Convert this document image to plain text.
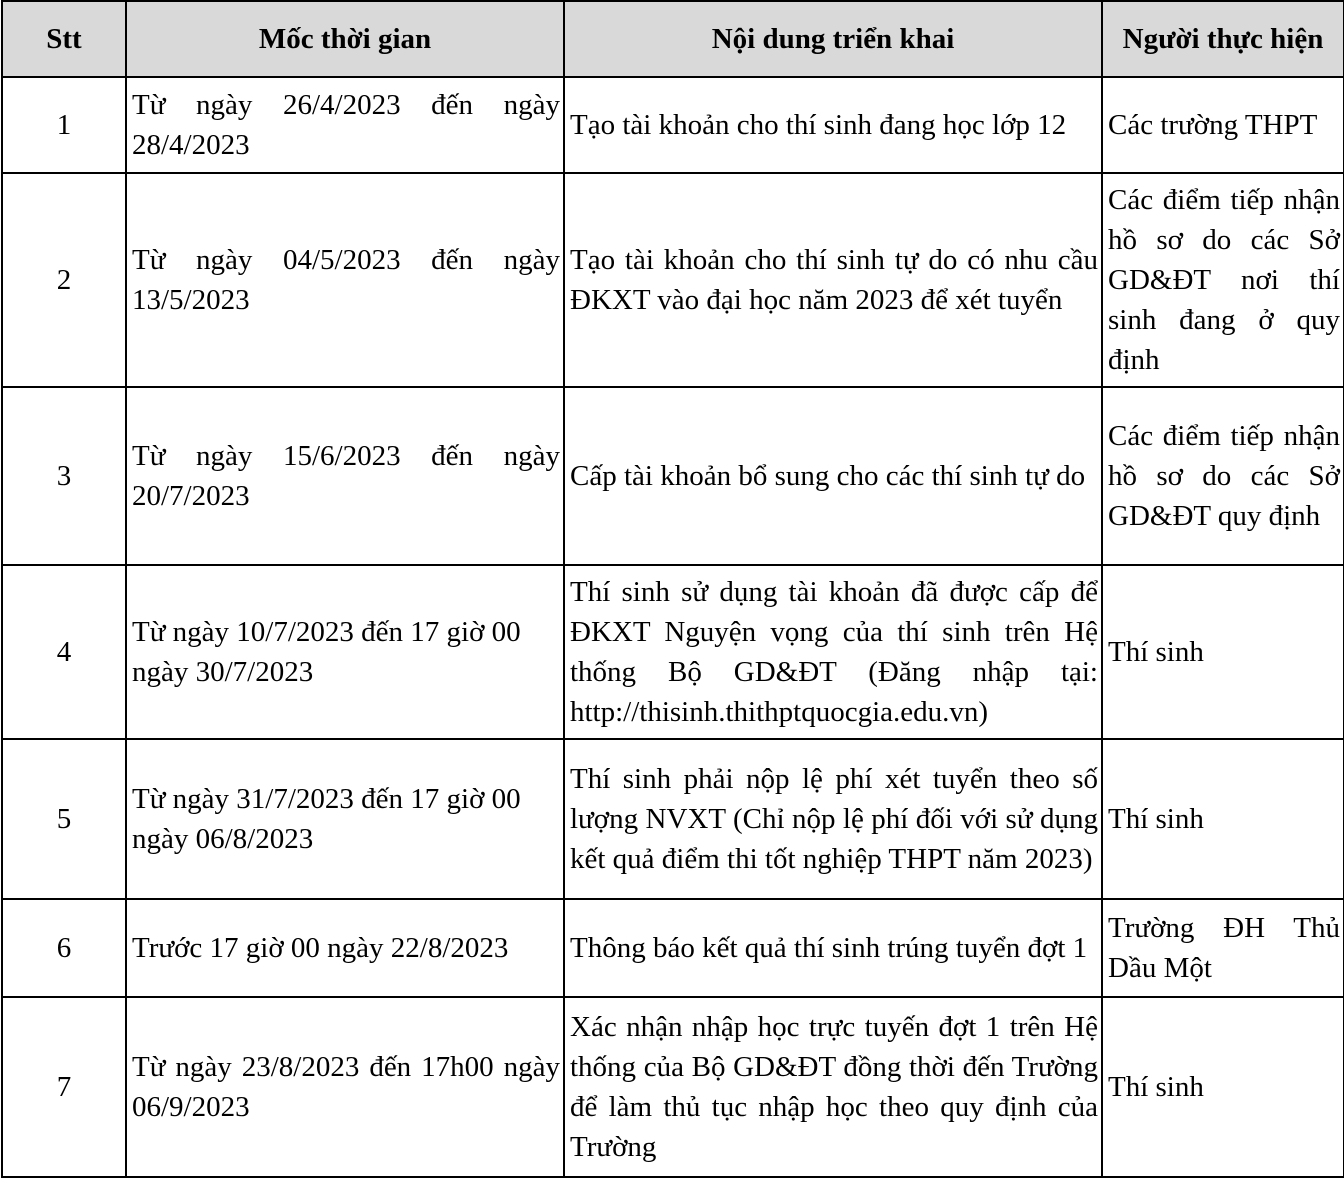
Stt	Mốc thời gian	Nội dung triển khai	Người thực hiện
1	Từ ngày 26/4/2023 đến ngày 28/4/2023	Tạo tài khoản cho thí sinh đang học lớp 12	Các trường THPT
2	Từ ngày 04/5/2023 đến ngày 13/5/2023	Tạo tài khoản cho thí sinh tự do có nhu cầu ĐKXT vào đại học năm 2023 để xét tuyển	Các điểm tiếp nhận hồ sơ do các Sở GD&ĐT nơi thí sinh đang ở quy định
3	Từ ngày 15/6/2023 đến ngày 20/7/2023	Cấp tài khoản bổ sung cho các thí sinh tự do	Các điểm tiếp nhận hồ sơ do các Sở GD&ĐT quy định
4	Từ ngày 10/7/2023 đến 17 giờ 00 ngày 30/7/2023	Thí sinh sử dụng tài khoản đã được cấp để ĐKXT Nguyện vọng của thí sinh trên Hệ thống Bộ GD&ĐT (Đăng nhập tại: http://thisinh.thithptquocgia.edu.vn)	Thí sinh
5	Từ ngày 31/7/2023 đến 17 giờ 00 ngày 06/8/2023	Thí sinh phải nộp lệ phí xét tuyển theo số lượng NVXT (Chỉ nộp lệ phí đối với sử dụng kết quả điểm thi tốt nghiệp THPT năm 2023)	Thí sinh
6	Trước 17 giờ 00 ngày 22/8/2023	Thông báo kết quả thí sinh trúng tuyển đợt 1	Trường ĐH Thủ Dầu Một
7	Từ ngày 23/8/2023 đến 17h00 ngày 06/9/2023	Xác nhận nhập học trực tuyến đợt 1 trên Hệ thống của Bộ GD&ĐT đồng thời đến Trường để làm thủ tục nhập học theo quy định của Trường	Thí sinh
